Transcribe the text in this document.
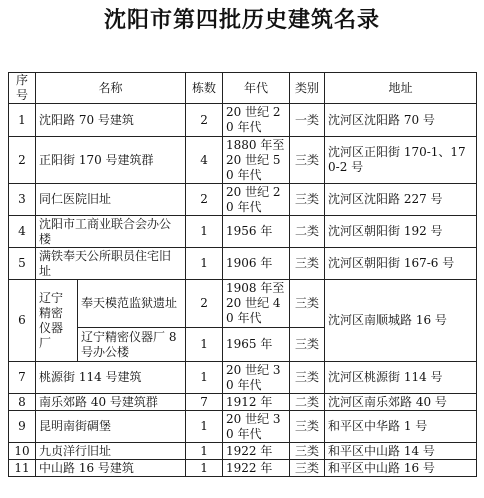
沈阳市第四批历史建筑名录
序号	名称		栋数	年代	类别	地址
1	沈阳路 70 号建筑		2	20 世纪 20 年代	一类	沈河区沈阳路 70 号
2	正阳街 170 号建筑群		4	1880 年至 20 世纪 50 年代	三类	沈河区正阳街 170-1、170-2 号
3	同仁医院旧址		2	20 世纪 20 年代	三类	沈河区沈阳路 227 号
4	沈阳市工商业联合会办公楼		1	1956 年	二类	沈河区朝阳街 192 号
5	满铁奉天公所职员住宅旧址		1	1906 年	三类	沈河区朝阳街 167-6 号
6	辽宁精密仪器厂	奉天模范监狱遗址	2	1908 年至 20 世纪 40 年代	三类	沈河区南顺城路 16 号
		辽宁精密仪器厂 8 号办公楼	1	1965 年	三类	
7	桃源街 114 号建筑		1	20 世纪 30 年代	三类	沈河区桃源街 114 号
8	南乐郊路 40 号建筑群		7	1912 年	二类	沈河区南乐郊路 40 号
9	昆明南街碉堡		1	20 世纪 30 年代	三类	和平区中华路 1 号
10	九贞洋行旧址		1	1922 年	三类	和平区中山路 14 号
11	中山路 16 号建筑		1	1922 年	三类	和平区中山路 16 号
